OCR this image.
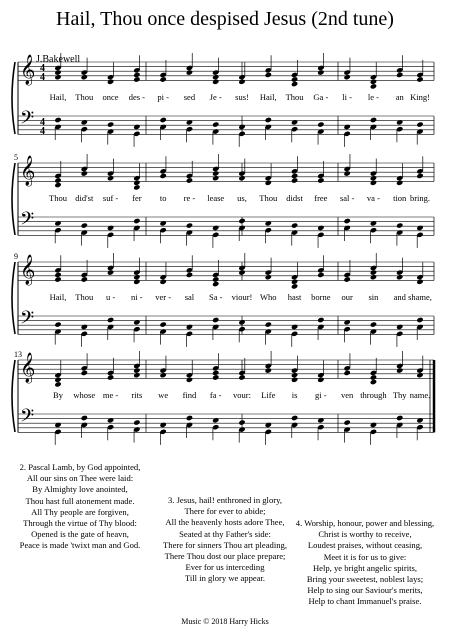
Hail, Thou once despised Jesus (2nd tune)
J.Bakewell
𝄞
𝄢
4
4
4
4
Hail, Thou once des - pi - sed Je - sus! Hail, Thou Ga - li - le - an King!
𝄞
𝄢
5
Thou did'st suf - fer to re - lease us, Thou didst free sal - va - tion bring.
𝄞
𝄢
9
Hail, Thou u - ni - ver - sal Sa - viour! Who hast borne our sin and shame,
𝄞
𝄢
13
By whose me - rits we find fa - vour: Life is gi - ven through Thy name.
2. Pascal Lamb, by God appointed,
All our sins on Thee were laid:
By Almighty love anointed,
Thou hast full atonement made.
All Thy people are forgiven,
Through the virtue of Thy blood:
Opened is the gate of heavn,
Peace is made 'twixt man and God.
3. Jesus, hail! enthroned in glory,
There for ever to abide;
All the heavenly hosts adore Thee,
Seated at thy Father's side:
There for sinners Thou art pleading,
There Thou dost our place prepare;
Ever for us interceding
Till in glory we appear.
4. Worship, honour, power and blessing,
Christ is worthy to receive,
Loudest praises, without ceasing,
Meet it is for us to give:
Help, ye bright angelic spirits,
Bring your sweetest, noblest lays;
Help to sing our Saviour's merits,
Help to chant Immanuel's praise.
Music © 2018 Harry Hicks
